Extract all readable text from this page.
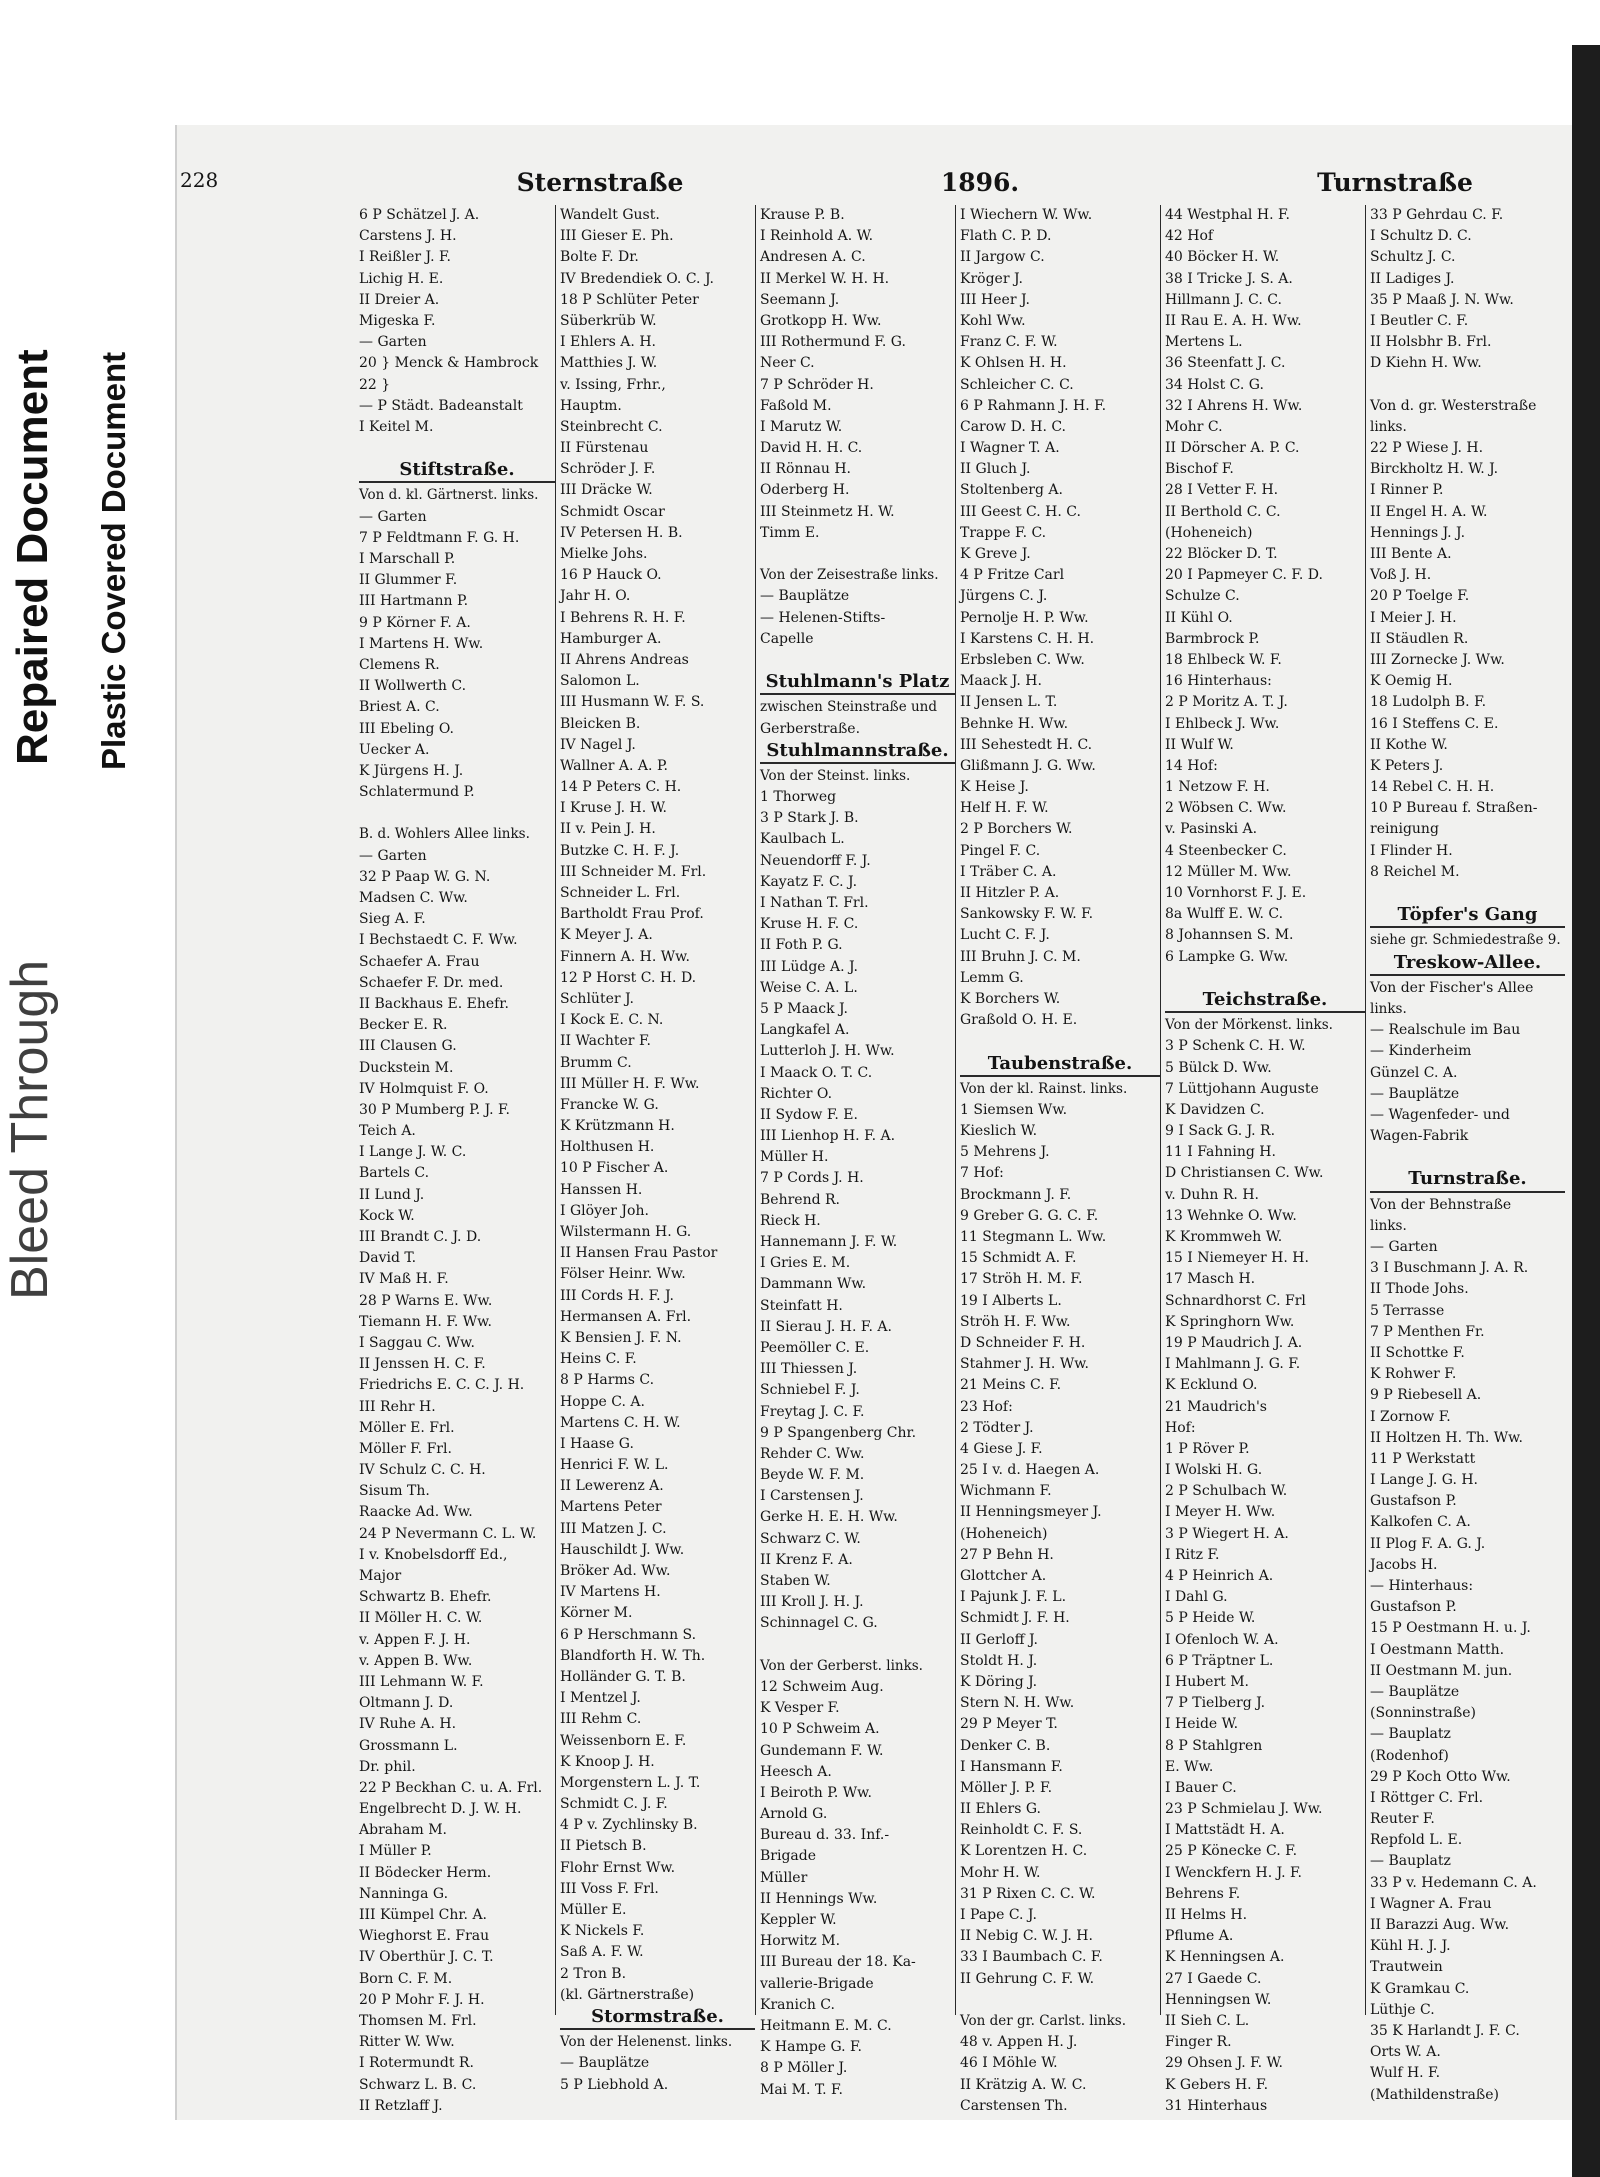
Bleed Through
Repaired Document Plastic Covered Document
228	Sternstraße	1896.	Turnstraße
6 P Schätzel J. A.
Carstens J. H.
I Reißler J. F.
Lichig H. E.
II Dreier A.
Migeska F.
— Garten
20 } Menck & Hambrock
22 }
— P Städt. Badeanstalt
I Keitel M.
Stiftstraße.
Von d. kl. Gärtnerst. links.
— Garten
7 P Feldtmann F. G. H.
I Marschall P.
II Glummer F.
III Hartmann P.
9 P Körner F. A.
I Martens H. Ww.
Clemens R.
II Wollwerth C.
Briest A. C.
III Ebeling O.
Uecker A.
K Jürgens H. J.
Schlatermund P.
B. d. Wohlers Allee links.
— Garten
32 P Paap W. G. N.
Madsen C. Ww.
Sieg A. F.
I Bechstaedt C. F. Ww.
Schaefer A. Frau
Schaefer F. Dr. med.
II Backhaus E. Ehefr.
Becker E. R.
III Clausen G.
Duckstein M.
IV Holmquist F. O.
30 P Mumberg P. J. F.
Teich A.
I Lange J. W. C.
Bartels C.
II Lund J.
Kock W.
III Brandt C. J. D.
David T.
IV Maß H. F.
28 P Warns E. Ww.
Tiemann H. F. Ww.
I Saggau C. Ww.
II Jenssen H. C. F.
Friedrichs E. C. C. J. H.
III Rehr H.
Möller E. Frl.
Möller F. Frl.
IV Schulz C. C. H.
Sisum Th.
Raacke Ad. Ww.
24 P Nevermann C. L. W.
I v. Knobelsdorff Ed.,
Major
Schwartz B. Ehefr.
II Möller H. C. W.
v. Appen F. J. H.
v. Appen B. Ww.
III Lehmann W. F.
Oltmann J. D.
IV Ruhe A. H.
Grossmann L.
Dr. phil.
22 P Beckhan C. u. A. Frl.
Engelbrecht D. J. W. H.
Abraham M.
I Müller P.
II Bödecker Herm.
Nanninga G.
III Kümpel Chr. A.
Wieghorst E. Frau
IV Oberthür J. C. T.
Born C. F. M.
20 P Mohr F. J. H.
Thomsen M. Frl.
Ritter W. Ww.
I Rotermundt R.
Schwarz L. B. C.
II Retzlaff J.
Wandelt Gust.
III Gieser E. Ph.
Bolte F. Dr.
IV Bredendiek O. C. J.
18 P Schlüter Peter
Süberkrüb W.
I Ehlers A. H.
Matthies J. W.
v. Issing, Frhr.,
Hauptm.
Steinbrecht C.
II Fürstenau
Schröder J. F.
III Dräcke W.
Schmidt Oscar
IV Petersen H. B.
Mielke Johs.
16 P Hauck O.
Jahr H. O.
I Behrens R. H. F.
Hamburger A.
II Ahrens Andreas
Salomon L.
III Husmann W. F. S.
Bleicken B.
IV Nagel J.
Wallner A. A. P.
14 P Peters C. H.
I Kruse J. H. W.
II v. Pein J. H.
Butzke C. H. F. J.
III Schneider M. Frl.
Schneider L. Frl.
Bartholdt Frau Prof.
K Meyer J. A.
Finnern A. H. Ww.
12 P Horst C. H. D.
Schlüter J.
I Kock E. C. N.
II Wachter F.
Brumm C.
III Müller H. F. Ww.
Francke W. G.
K Krützmann H.
Holthusen H.
10 P Fischer A.
Hanssen H.
I Glöyer Joh.
Wilstermann H. G.
II Hansen Frau Pastor
Fölser Heinr. Ww.
III Cords H. F. J.
Hermansen A. Frl.
K Bensien J. F. N.
Heins C. F.
8 P Harms C.
Hoppe C. A.
Martens C. H. W.
I Haase G.
Henrici F. W. L.
II Lewerenz A.
Martens Peter
III Matzen J. C.
Hauschildt J. Ww.
Bröker Ad. Ww.
IV Martens H.
Körner M.
6 P Herschmann S.
Blandforth H. W. Th.
Holländer G. T. B.
I Mentzel J.
III Rehm C.
Weissenborn E. F.
K Knoop J. H.
Morgenstern L. J. T.
Schmidt C. J. F.
4 P v. Zychlinsky B.
II Pietsch B.
Flohr Ernst Ww.
III Voss F. Frl.
Müller E.
K Nickels F.
Saß A. F. W.
2 Tron B.
(kl. Gärtnerstraße)
Stormstraße.
Von der Helenenst. links.
— Bauplätze
5 P Liebhold A.
Krause P. B.
I Reinhold A. W.
Andresen A. C.
II Merkel W. H. H.
Seemann J.
Grotkopp H. Ww.
III Rothermund F. G.
Neer C.
7 P Schröder H.
Faßold M.
I Marutz W.
David H. H. C.
II Rönnau H.
Oderberg H.
III Steinmetz H. W.
Timm E.
Von der Zeisestraße links.
— Bauplätze
— Helenen-Stifts-
Capelle
Stuhlmann's Platz
zwischen Steinstraße und
Gerberstraße.
Stuhlmannstraße.
Von der Steinst. links.
1 Thorweg
3 P Stark J. B.
Kaulbach L.
Neuendorff F. J.
Kayatz F. C. J.
I Nathan T. Frl.
Kruse H. F. C.
II Foth P. G.
III Lüdge A. J.
Weise C. A. L.
5 P Maack J.
Langkafel A.
Lutterloh J. H. Ww.
I Maack O. T. C.
Richter O.
II Sydow F. E.
III Lienhop H. F. A.
Müller H.
7 P Cords J. H.
Behrend R.
Rieck H.
Hannemann J. F. W.
I Gries E. M.
Dammann Ww.
Steinfatt H.
II Sierau J. H. F. A.
Peemöller C. E.
III Thiessen J.
Schniebel F. J.
Freytag J. C. F.
9 P Spangenberg Chr.
Rehder C. Ww.
Beyde W. F. M.
I Carstensen J.
Gerke H. E. H. Ww.
Schwarz C. W.
II Krenz F. A.
Staben W.
III Kroll J. H. J.
Schinnagel C. G.
Von der Gerberst. links.
12 Schweim Aug.
K Vesper F.
10 P Schweim A.
Gundemann F. W.
Heesch A.
I Beiroth P. Ww.
Arnold G.
Bureau d. 33. Inf.-
Brigade
Müller
II Hennings Ww.
Keppler W.
Horwitz M.
III Bureau der 18. Ka-
vallerie-Brigade
Kranich C.
Heitmann E. M. C.
K Hampe G. F.
8 P Möller J.
Mai M. T. F.
I Wiechern W. Ww.
Flath C. P. D.
II Jargow C.
Kröger J.
III Heer J.
Kohl Ww.
Franz C. F. W.
K Ohlsen H. H.
Schleicher C. C.
6 P Rahmann J. H. F.
Carow D. H. C.
I Wagner T. A.
II Gluch J.
Stoltenberg A.
III Geest C. H. C.
Trappe F. C.
K Greve J.
4 P Fritze Carl
Jürgens C. J.
Pernolje H. P. Ww.
I Karstens C. H. H.
Erbsleben C. Ww.
Maack J. H.
II Jensen L. T.
Behnke H. Ww.
III Sehestedt H. C.
Glißmann J. G. Ww.
K Heise J.
Helf H. F. W.
2 P Borchers W.
Pingel F. C.
I Träber C. A.
II Hitzler P. A.
Sankowsky F. W. F.
Lucht C. F. J.
III Bruhn J. C. M.
Lemm G.
K Borchers W.
Graßold O. H. E.
Taubenstraße.
Von der kl. Rainst. links.
1 Siemsen Ww.
Kieslich W.
5 Mehrens J.
7 Hof:
Brockmann J. F.
9 Greber G. G. C. F.
11 Stegmann L. Ww.
15 Schmidt A. F.
17 Ströh H. M. F.
19 I Alberts L.
Ströh H. F. Ww.
D Schneider F. H.
Stahmer J. H. Ww.
21 Meins C. F.
23 Hof:
2 Tödter J.
4 Giese J. F.
25 I v. d. Haegen A.
Wichmann F.
II Henningsmeyer J.
(Hoheneich)
27 P Behn H.
Glottcher A.
I Pajunk J. F. L.
Schmidt J. F. H.
II Gerloff J.
Stoldt H. J.
K Döring J.
Stern N. H. Ww.
29 P Meyer T.
Denker C. B.
I Hansmann F.
Möller J. P. F.
II Ehlers G.
Reinholdt C. F. S.
K Lorentzen H. C.
Mohr H. W.
31 P Rixen C. C. W.
I Pape C. J.
II Nebig C. W. J. H.
33 I Baumbach C. F.
II Gehrung C. F. W.
Von der gr. Carlst. links.
48 v. Appen H. J.
46 I Möhle W.
II Krätzig A. W. C.
Carstensen Th.
44 Westphal H. F.
42 Hof
40 Böcker H. W.
38 I Tricke J. S. A.
Hillmann J. C. C.
II Rau E. A. H. Ww.
Mertens L.
36 Steenfatt J. C.
34 Holst C. G.
32 I Ahrens H. Ww.
Mohr C.
II Dörscher A. P. C.
Bischof F.
28 I Vetter F. H.
II Berthold C. C.
(Hoheneich)
22 Blöcker D. T.
20 I Papmeyer C. F. D.
Schulze C.
II Kühl O.
Barmbrock P.
18 Ehlbeck W. F.
16 Hinterhaus:
2 P Moritz A. T. J.
I Ehlbeck J. Ww.
II Wulf W.
14 Hof:
1 Netzow F. H.
2 Wöbsen C. Ww.
v. Pasinski A.
4 Steenbecker C.
12 Müller M. Ww.
10 Vornhorst F. J. E.
8a Wulff E. W. C.
8 Johannsen S. M.
6 Lampke G. Ww.
Teichstraße.
Von der Mörkenst. links.
3 P Schenk C. H. W.
5 Bülck D. Ww.
7 Lüttjohann Auguste
K Davidzen C.
9 I Sack G. J. R.
11 I Fahning H.
D Christiansen C. Ww.
v. Duhn R. H.
13 Wehnke O. Ww.
K Krommweh W.
15 I Niemeyer H. H.
17 Masch H.
Schnardhorst C. Frl
K Springhorn Ww.
19 P Maudrich J. A.
I Mahlmann J. G. F.
K Ecklund O.
21 Maudrich's
Hof:
1 P Röver P.
I Wolski H. G.
2 P Schulbach W.
I Meyer H. Ww.
3 P Wiegert H. A.
I Ritz F.
4 P Heinrich A.
I Dahl G.
5 P Heide W.
I Ofenloch W. A.
6 P Träptner L.
I Hubert M.
7 P Tielberg J.
I Heide W.
8 P Stahlgren
E. Ww.
I Bauer C.
23 P Schmielau J. Ww.
I Mattstädt H. A.
25 P Könecke C. F.
I Wenckfern H. J. F.
Behrens F.
II Helms H.
Pflume A.
K Henningsen A.
27 I Gaede C.
Henningsen W.
II Sieh C. L.
Finger R.
29 Ohsen J. F. W.
K Gebers H. F.
31 Hinterhaus
33 P Gehrdau C. F.
I Schultz D. C.
Schultz J. C.
II Ladiges J.
35 P Maaß J. N. Ww.
I Beutler C. F.
II Holsbhr B. Frl.
D Kiehn H. Ww.
Von d. gr. Westerstraße
links.
22 P Wiese J. H.
Birckholtz H. W. J.
I Rinner P.
II Engel H. A. W.
Hennings J. J.
III Bente A.
Voß J. H.
20 P Toelge F.
I Meier J. H.
II Stäudlen R.
III Zornecke J. Ww.
K Oemig H.
18 Ludolph B. F.
16 I Steffens C. E.
II Kothe W.
K Peters J.
14 Rebel C. H. H.
10 P Bureau f. Straßen-
reinigung
I Flinder H.
8 Reichel M.
Töpfer's Gang
siehe gr. Schmiedestraße 9.
Treskow-Allee.
Von der Fischer's Allee
links.
— Realschule im Bau
— Kinderheim
Günzel C. A.
— Bauplätze
— Wagenfeder- und
Wagen-Fabrik
Turnstraße.
Von der Behnstraße
links.
— Garten
3 I Buschmann J. A. R.
II Thode Johs.
5 Terrasse
7 P Menthen Fr.
II Schottke F.
K Rohwer F.
9 P Riebesell A.
I Zornow F.
II Holtzen H. Th. Ww.
11 P Werkstatt
I Lange J. G. H.
Gustafson P.
Kalkofen C. A.
II Plog F. A. G. J.
Jacobs H.
— Hinterhaus:
Gustafson P.
15 P Oestmann H. u. J.
I Oestmann Matth.
II Oestmann M. jun.
— Bauplätze
(Sonninstraße)
— Bauplatz
(Rodenhof)
29 P Koch Otto Ww.
I Röttger C. Frl.
Reuter F.
Repfold L. E.
— Bauplatz
33 P v. Hedemann C. A.
I Wagner A. Frau
II Barazzi Aug. Ww.
Kühl H. J. J.
Trautwein
K Gramkau C.
Lüthje C.
35 K Harlandt J. F. C.
Orts W. A.
Wulf H. F.
(Mathildenstraße)
